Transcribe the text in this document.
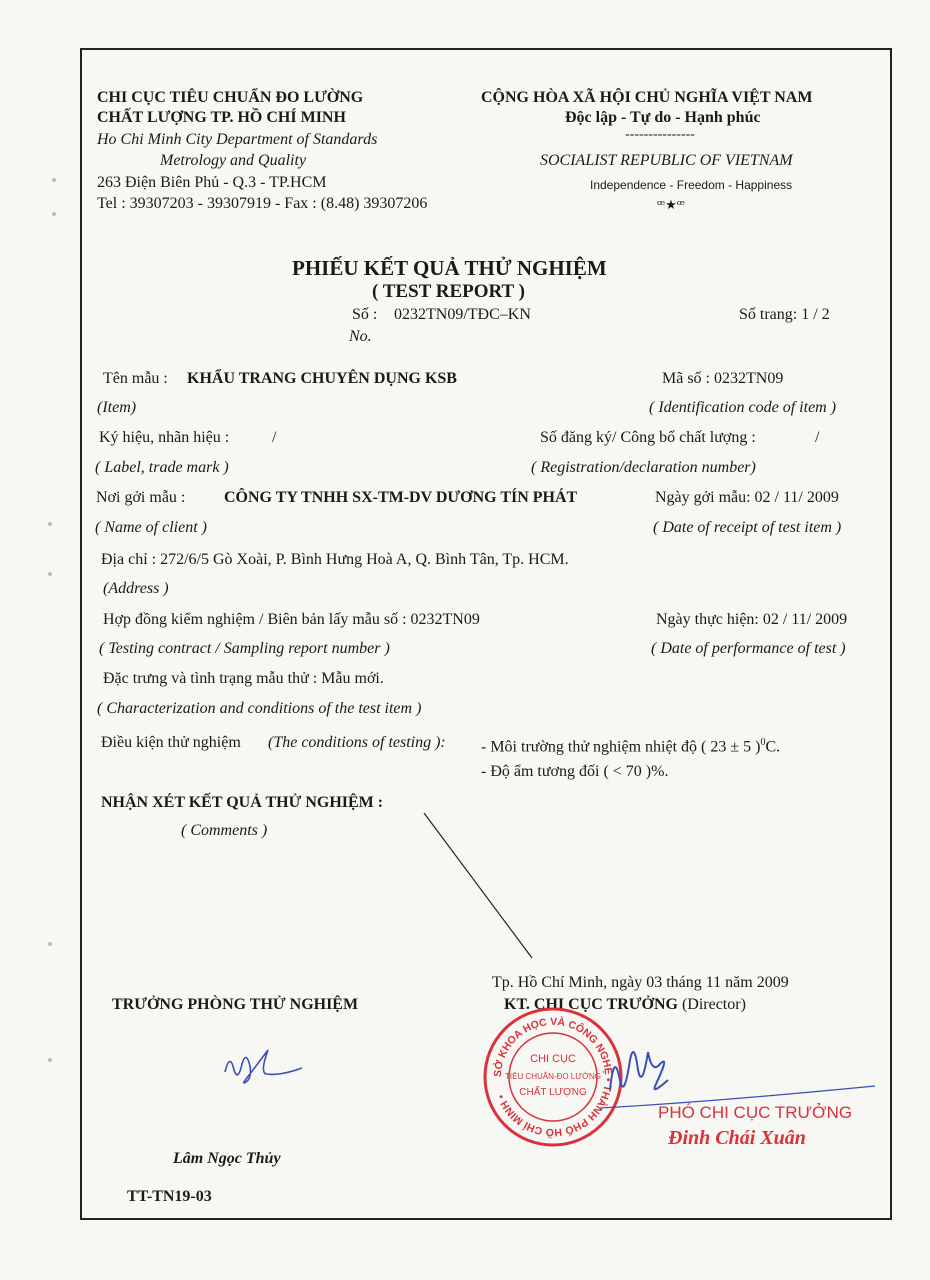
CHI CỤC TIÊU CHUẨN ĐO LƯỜNG
CHẤT LƯỢNG TP. HỒ CHÍ MINH
Ho Chi Minh City Department of Standards
Metrology and Quality
263 Điện Biên Phủ - Q.3 - TP.HCM
Tel : 39307203 - 39307919 - Fax : (8.48) 39307206
CỘNG HÒA XÃ HỘI CHỦ NGHĨA VIỆT NAM
Độc lập - Tự do - Hạnh phúc
---------------
SOCIALIST REPUBLIC OF VIETNAM
Independence - Freedom - Happiness
ꟹ★ꟹ
PHIẾU KẾT QUẢ THỬ NGHIỆM
( TEST REPORT )
Số : 0232TN09/TĐC–KN
No.
Số trang: 1 / 2
Tên mẫu : KHẨU TRANG CHUYÊN DỤNG KSB
(Item)
Mã số : 0232TN09
( Identification code of item )
Ký hiệu, nhãn hiệu :	/
( Label, trade mark )
Số đăng ký/ Công bố chất lượng :	/
( Registration/declaration number)
Nơi gởi mẫu : CÔNG TY TNHH SX-TM-DV DƯƠNG TÍN PHÁT
( Name of client )
Ngày gởi mẫu: 02 / 11/ 2009
( Date of receipt of test item )
Địa chỉ : 272/6/5 Gò Xoài, P. Bình Hưng Hoà A, Q. Bình Tân, Tp. HCM.
(Address )
Hợp đồng kiểm nghiệm / Biên bản lấy mẫu số : 0232TN09
( Testing contract / Sampling report number )
Ngày thực hiện: 02 / 11/ 2009
( Date of performance of test )
Đặc trưng và tình trạng mẫu thử : Mẫu mới.
( Characterization and conditions of the test item )
Điều kiện thử nghiệm (The conditions of testing ): - Môi trường thử nghiệm nhiệt độ ( 23 ± 5 )$^0$C.
- Độ ẩm tương đối ( < 70 )%.
NHẬN XÉT KẾT QUẢ THỬ NGHIỆM :
( Comments )
Tp. Hồ Chí Minh, ngày 03 tháng 11 năm 2009
TRƯỞNG PHÒNG THỬ NGHIỆM	KT. CHI CỤC TRƯỞNG (Director)
Lâm Ngọc Thủy
TT-TN19-03
SỞ KHOA HỌC VÀ CÔNG NGHỆ • THÀNH PHỐ HỒ CHÍ MINH •
CHI CỤC
TIÊU CHUẨN-ĐO LƯỜNG
CHẤT LƯỢNG
PHÓ CHI CỤC TRƯỞNG
Đinh Chái Xuân
